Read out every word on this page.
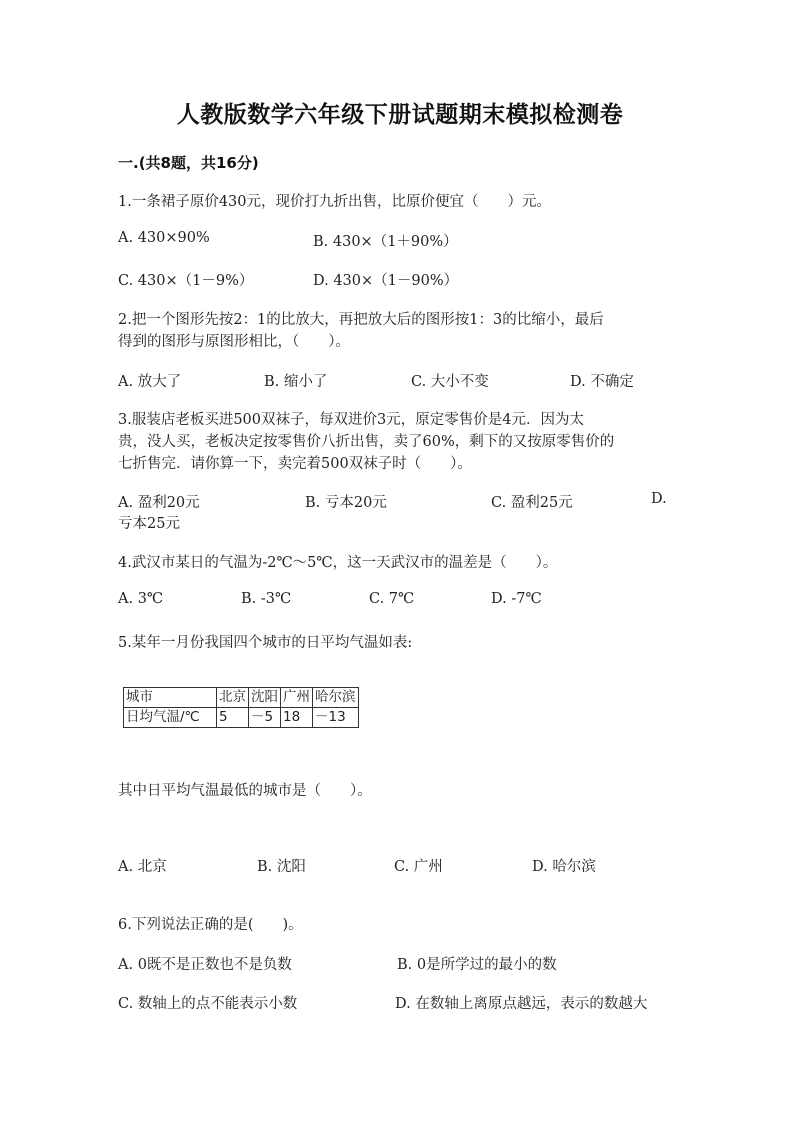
人教版数学六年级下册试题期末模拟检测卷
一.(共8题，共16分)
1.一条裙子原价430元，现价打九折出售，比原价便宜（　　）元。
A. 430×90%	B. 430×（1＋90%）
C. 430×（1－9%）	D. 430×（1－90%）
2.把一个图形先按2：1的比放大，再把放大后的图形按1：3的比缩小，最后
得到的图形与原图形相比，（　　）。
A. 放大了	B. 缩小了	C. 大小不变	D. 不确定
3.服装店老板买进500双袜子，每双进价3元，原定零售价是4元．因为太
贵，没人买，老板决定按零售价八折出售，卖了60%，剩下的又按原零售价的
七折售完．请你算一下，卖完着500双袜子时（　　）。
A. 盈利20元	B. 亏本20元	C. 盈利25元	D.
亏本25元
4.武汉市某日的气温为-2℃～5℃，这一天武汉市的温差是（　　）。
A. 3℃	B. -3℃	C. 7℃	D. -7℃
5.某年一月份我国四个城市的日平均气温如表:
城市	北京	沈阳	广州	哈尔滨
日均气温/℃	5	－5	18	－13
其中日平均气温最低的城市是（　　）。
A. 北京	B. 沈阳	C. 广州	D. 哈尔滨
6.下列说法正确的是(　　)。
A. 0既不是正数也不是负数	B. 0是所学过的最小的数
C. 数轴上的点不能表示小数	D. 在数轴上离原点越远，表示的数越大
